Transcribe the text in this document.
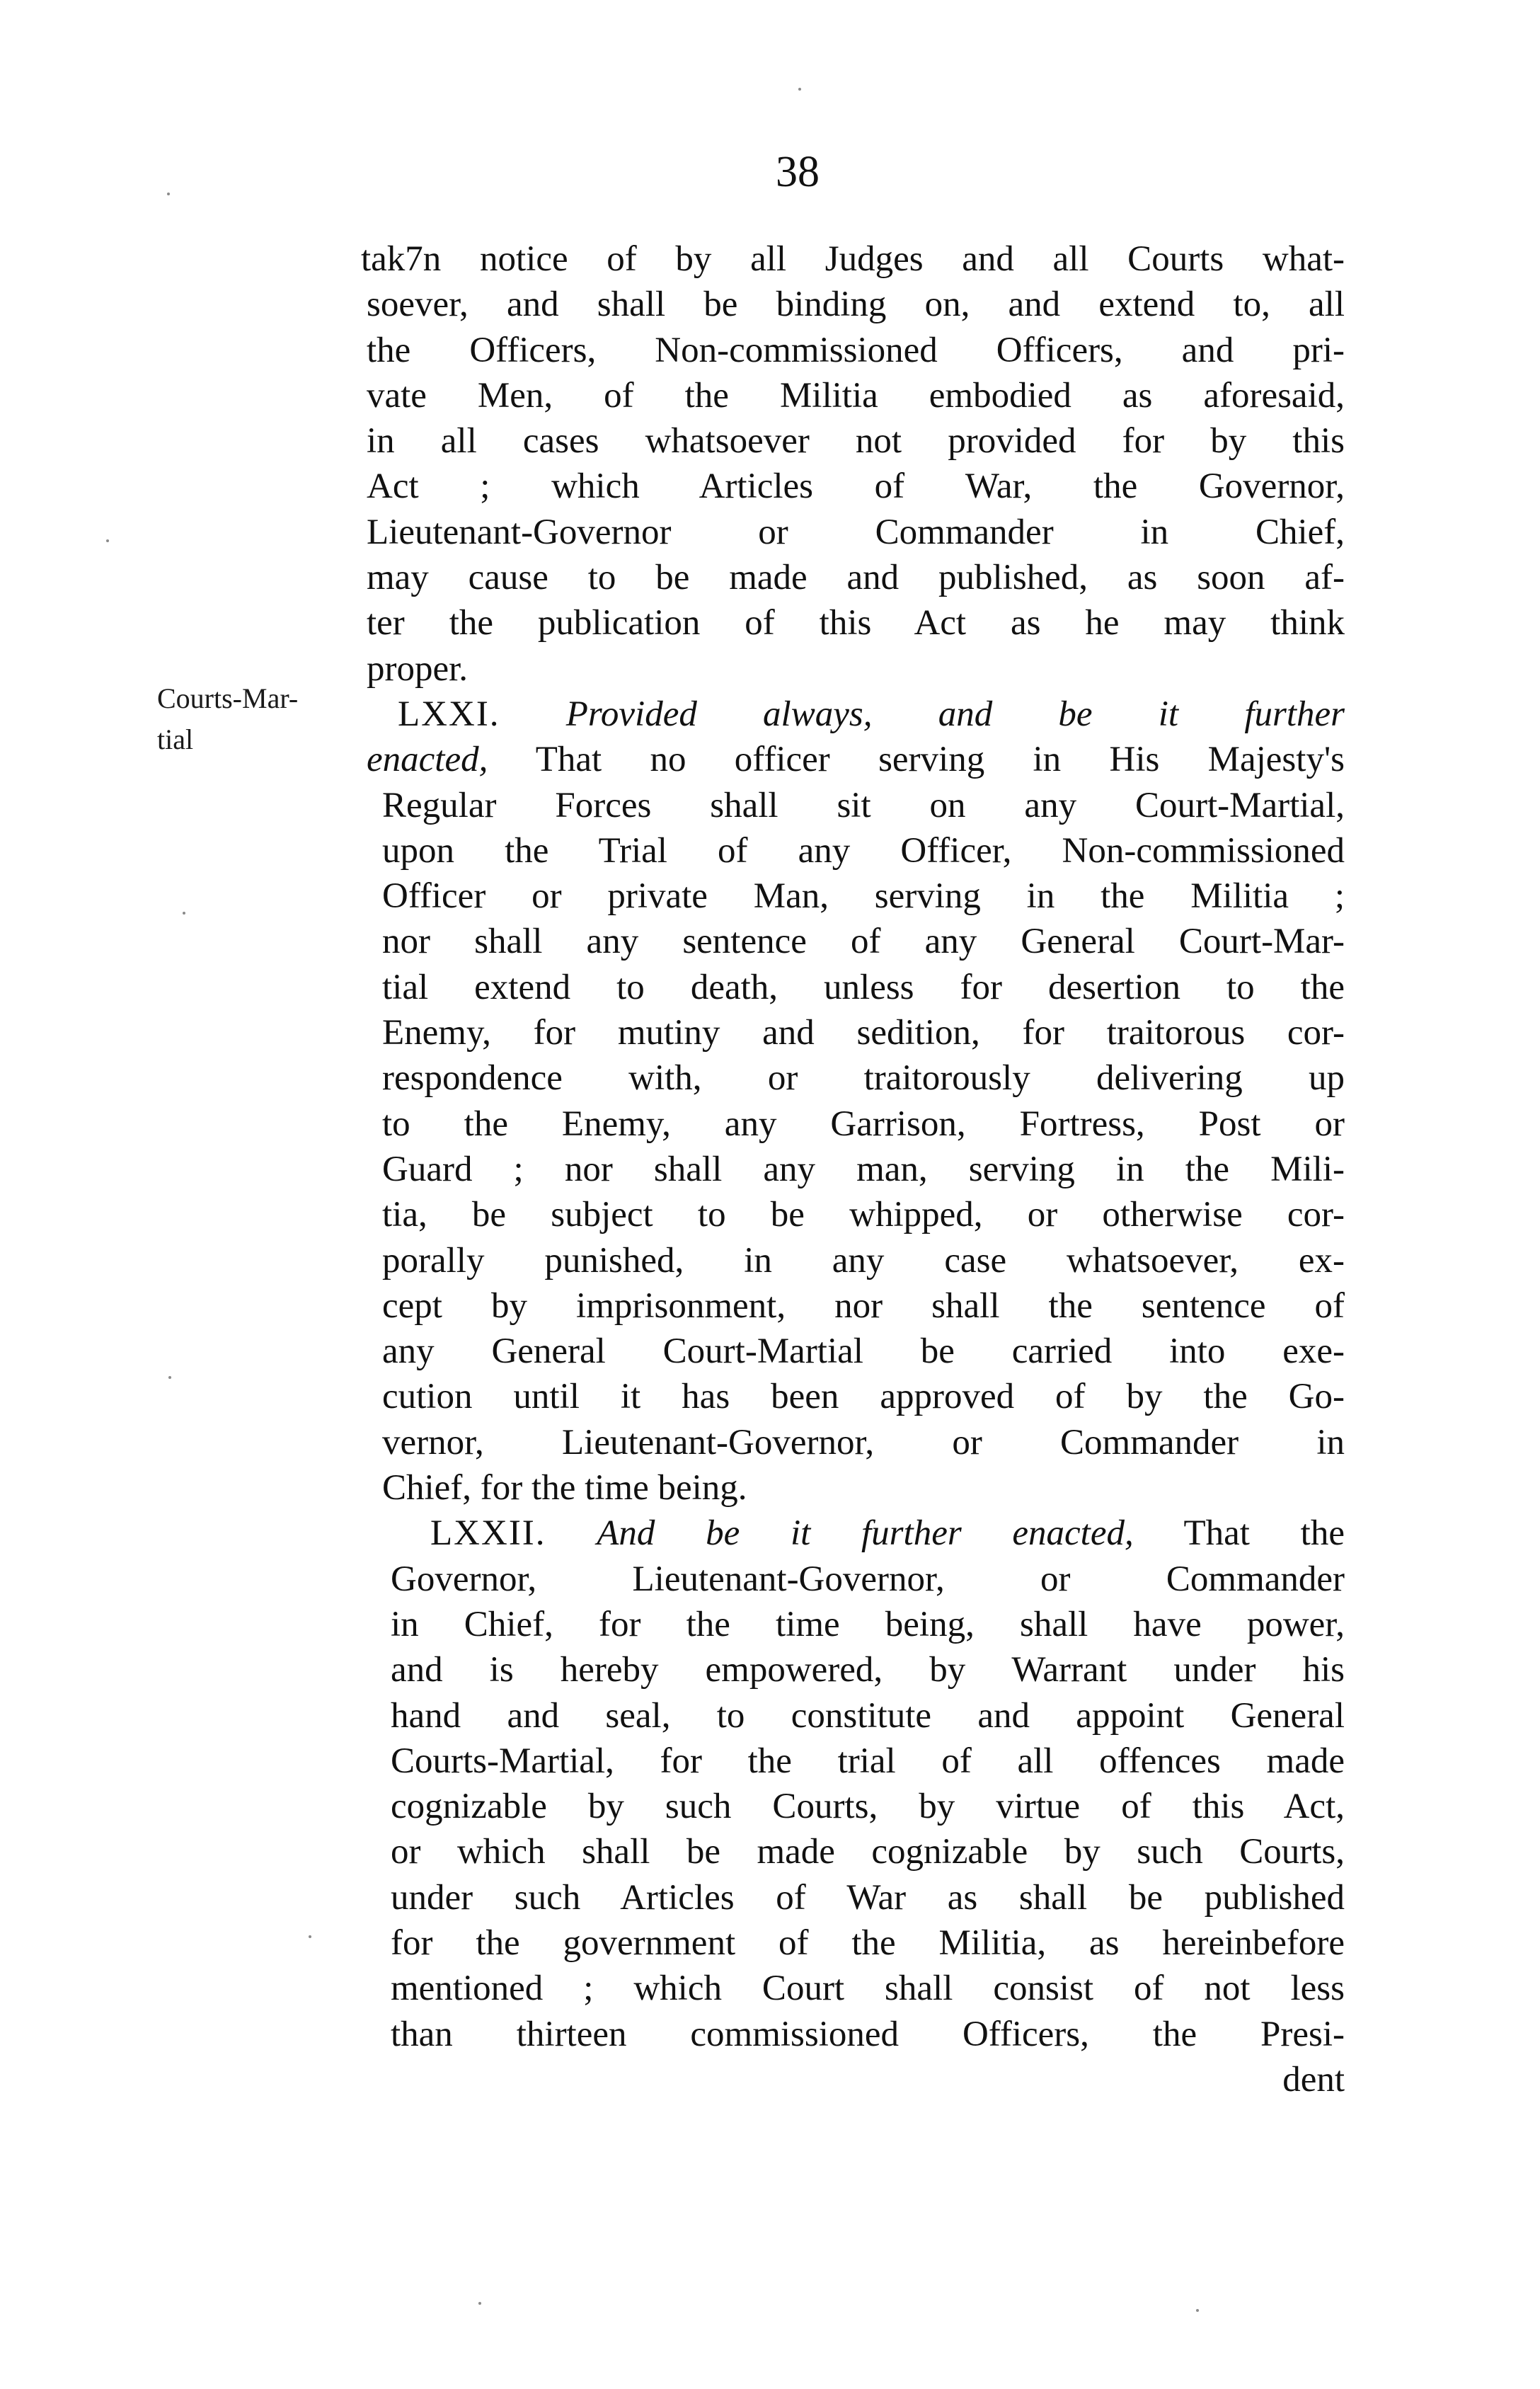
38
Courts-Mar-
tial
tak7n notice of by all Judges and all Courts what-
soever, and shall be binding on, and extend to, all
the Officers, Non-commissioned Officers, and pri-
vate Men, of the Militia embodied as aforesaid,
in all cases whatsoever not provided for by this
Act ; which Articles of War, the Governor,
Lieutenant-Governor or Commander in Chief,
may cause to be made and published, as soon af-
ter the publication of this Act as he may think
proper.
LXXI. Provided always, and be it further
enacted, That no officer serving in His Majesty's
Regular Forces shall sit on any Court-Martial,
upon the Trial of any Officer, Non-commissioned
Officer or private Man, serving in the Militia ;
nor shall any sentence of any General Court-Mar-
tial extend to death, unless for desertion to the
Enemy, for mutiny and sedition, for traitorous cor-
respondence with, or traitorously delivering up
to the Enemy, any Garrison, Fortress, Post or
Guard ; nor shall any man, serving in the Mili-
tia, be subject to be whipped, or otherwise cor-
porally punished, in any case whatsoever, ex-
cept by imprisonment, nor shall the sentence of
any General Court-Martial be carried into exe-
cution until it has been approved of by the Go-
vernor, Lieutenant-Governor, or Commander in
Chief, for the time being.
LXXII. And be it further enacted, That the
Governor, Lieutenant-Governor, or Commander
in Chief, for the time being, shall have power,
and is hereby empowered, by Warrant under his
hand and seal, to constitute and appoint General
Courts-Martial, for the trial of all offences made
cognizable by such Courts, by virtue of this Act,
or which shall be made cognizable by such Courts,
under such Articles of War as shall be published
for the government of the Militia, as hereinbefore
mentioned ; which Court shall consist of not less
than thirteen commissioned Officers, the Presi-
dent
